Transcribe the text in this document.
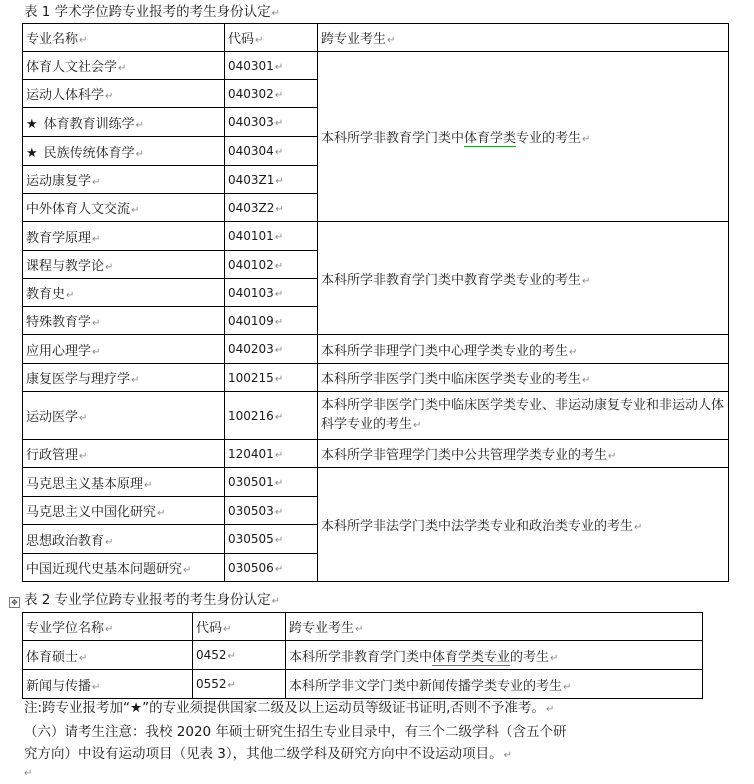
表 1 学术学位跨专业报考的考生身份认定↵
专业名称↵	代码↵	跨专业考生↵
体育人文社会学↵	040301↵	本科所学非教育学门类中体育学类专业的考生↵
运动人体科学↵	040302↵	
★ 体育教育训练学↵	040303↵	
★ 民族传统体育学↵	040304↵	
运动康复学↵	0403Z1↵	
中外体育人文交流↵	0403Z2↵	
教育学原理↵	040101↵	本科所学非教育学门类中教育学类专业的考生↵
课程与教学论↵	040102↵	
教育史↵	040103↵	
特殊教育学↵	040109↵	
应用心理学↵	040203↵	本科所学非理学门类中心理学类专业的考生↵
康复医学与理疗学↵	100215↵	本科所学非医学门类中临床医学类专业的考生↵
运动医学↵	100216↵	本科所学非医学门类中临床医学类专业、非运动康复专业和非运动人体科学专业的考生↵
行政管理↵	120401↵	本科所学非管理学门类中公共管理学类专业的考生↵
马克思主义基本原理↵	030501↵	本科所学非法学门类中法学类专业和政治类专业的考生↵
马克思主义中国化研究↵	030503↵	
思想政治教育↵	030505↵	
中国近现代史基本问题研究↵	030506↵	
✥ 表 2 专业学位跨专业报考的考生身份认定↵
专业学位名称↵	代码↵	跨专业考生↵
体育硕士↵	0452↵	本科所学非教育学门类中体育学类专业的考生↵
新闻与传播↵	0552↵	本科所学非文学门类中新闻传播学类专业的考生↵
注:跨专业报考加“★”的专业须提供国家二级及以上运动员等级证书证明,否则不予准考。↵
（六）请考生注意：我校 2020 年硕士研究生招生专业目录中，有三个二级学科（含五个研
究方向）中设有运动项目（见表 3），其他二级学科及研究方向中不设运动项目。↵
↵
